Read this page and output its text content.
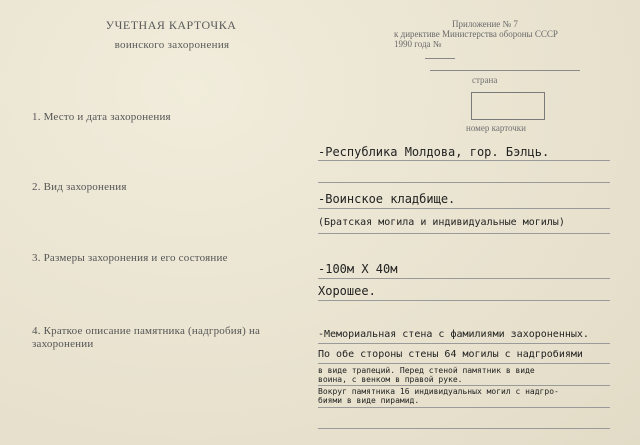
УЧЕТНАЯ КАРТОЧКА
воинского захоронения
Приложение № 7
к директиве Министерства обороны СССР
1990 года №
страна
номер карточки
1. Место и дата захоронения
-Республика Молдова, гор. Бэлць.
2. Вид захоронения
-Воинское кладбище.
(Братская могила и индивидуальные могилы)
3. Размеры захоронения и его состояние
-100м Х 40м
Хорошее.
4. Краткое описание памятника (надгробия) на
захоронении
-Мемориальная стена с фамилиями захороненных.
По обе стороны стены 64 могилы с надгробиями
в виде трапеций. Перед стеной памятник в виде
воина, с венком в правой руке.
Вокруг памятника 16 индивидуальных могил с надгро-
биями в виде пирамид.
